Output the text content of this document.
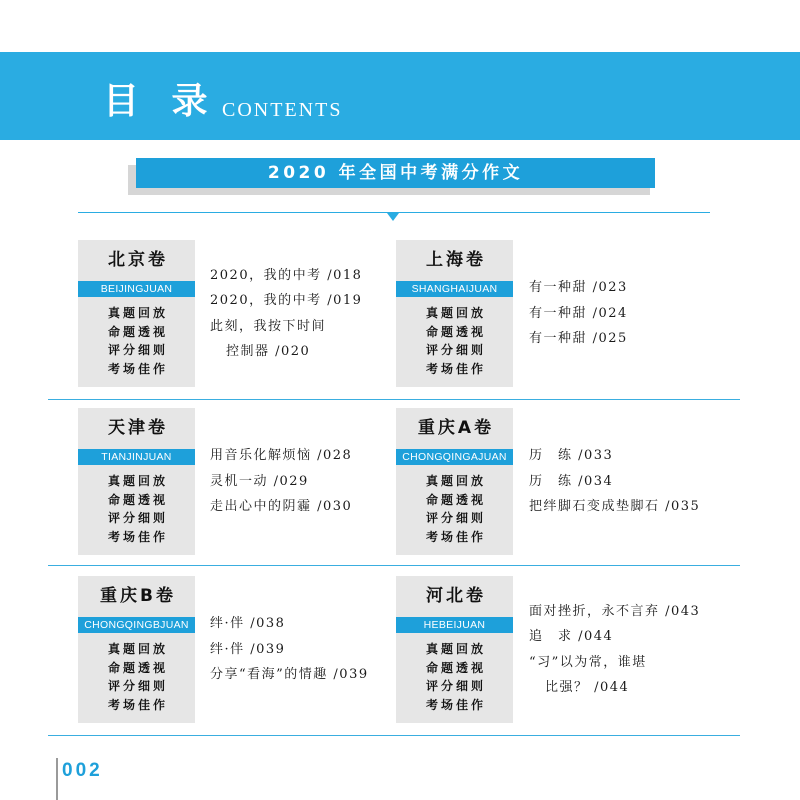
目 录 CONTENTS
2020 年全国中考满分作文
北京卷
BEIJINGJUAN
真题回放
命题透视
评分细则
考场佳作
2020，我的中考 /018
2020，我的中考 /019
此刻，我按下时间
控制器 /020
上海卷
SHANGHAIJUAN
真题回放
命题透视
评分细则
考场佳作
有一种甜 /023
有一种甜 /024
有一种甜 /025
天津卷
TIANJINJUAN
真题回放
命题透视
评分细则
考场佳作
用音乐化解烦恼 /028
灵机一动 /029
走出心中的阴霾 /030
重庆A卷
CHONGQINGAJUAN
真题回放
命题透视
评分细则
考场佳作
历　练 /033
历　练 /034
把绊脚石变成垫脚石 /035
重庆B卷
CHONGQINGBJUAN
真题回放
命题透视
评分细则
考场佳作
绊·伴 /038
绊·伴 /039
分享“看海”的情趣 /039
河北卷
HEBEIJUAN
真题回放
命题透视
评分细则
考场佳作
面对挫折，永不言弃 /043
追　求 /044
“习”以为常，谁堪
比强？ /044
002
